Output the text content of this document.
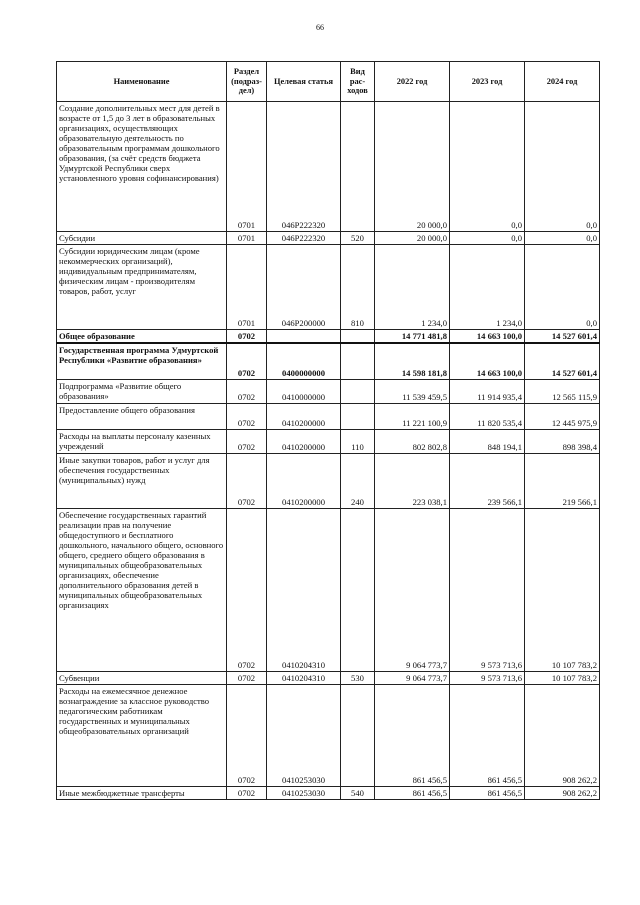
66
Наименование	Раздел (подраз-дел)	Целевая статья	Вид рас-ходов	2022 год	2023 год	2024 год
Создание дополнительных мест для детей в возрасте от 1,5 до 3 лет в образовательных организациях, осуществляющих образовательную деятельность по образовательным программам дошкольного образования, (за счёт средств бюджета Удмуртской Республики сверх установленного уровня софинансирования)	0701	046P222320		20 000,0	0,0	0,0
Субсидии	0701	046P222320	520	20 000,0	0,0	0,0
Субсидии юридическим лицам (кроме некоммерческих организаций), индивидуальным предпринимателям, физическим лицам - производителям товаров, работ, услуг	0701	046P200000	810	1 234,0	1 234,0	0,0
Общее образование	0702			14 771 481,8	14 663 100,0	14 527 601,4
Государственная программа Удмуртской Республики «Развитие образования»	0702	0400000000		14 598 181,8	14 663 100,0	14 527 601,4
Подпрограмма «Развитие общего образования»	0702	0410000000		11 539 459,5	11 914 935,4	12 565 115,9
Предоставление общего образования	0702	0410200000		11 221 100,9	11 820 535,4	12 445 975,9
Расходы на выплаты персоналу казенных учреждений	0702	0410200000	110	802 802,8	848 194,1	898 398,4
Иные закупки товаров, работ и услуг для обеспечения государственных (муниципальных) нужд	0702	0410200000	240	223 038,1	239 566,1	219 566,1
Обеспечение государственных гарантий реализации прав на получение общедоступного и бесплатного дошкольного, начального общего, основного общего, среднего общего образования в муниципальных общеобразовательных организациях, обеспечение дополнительного образования детей в муниципальных общеобразовательных организациях	0702	0410204310		9 064 773,7	9 573 713,6	10 107 783,2
Субвенции	0702	0410204310	530	9 064 773,7	9 573 713,6	10 107 783,2
Расходы на ежемесячное денежное вознаграждение за классное руководство педагогическим работникам государственных и муниципальных общеобразовательных организаций	0702	0410253030		861 456,5	861 456,5	908 262,2
Иные межбюджетные трансферты	0702	0410253030	540	861 456,5	861 456,5	908 262,2
